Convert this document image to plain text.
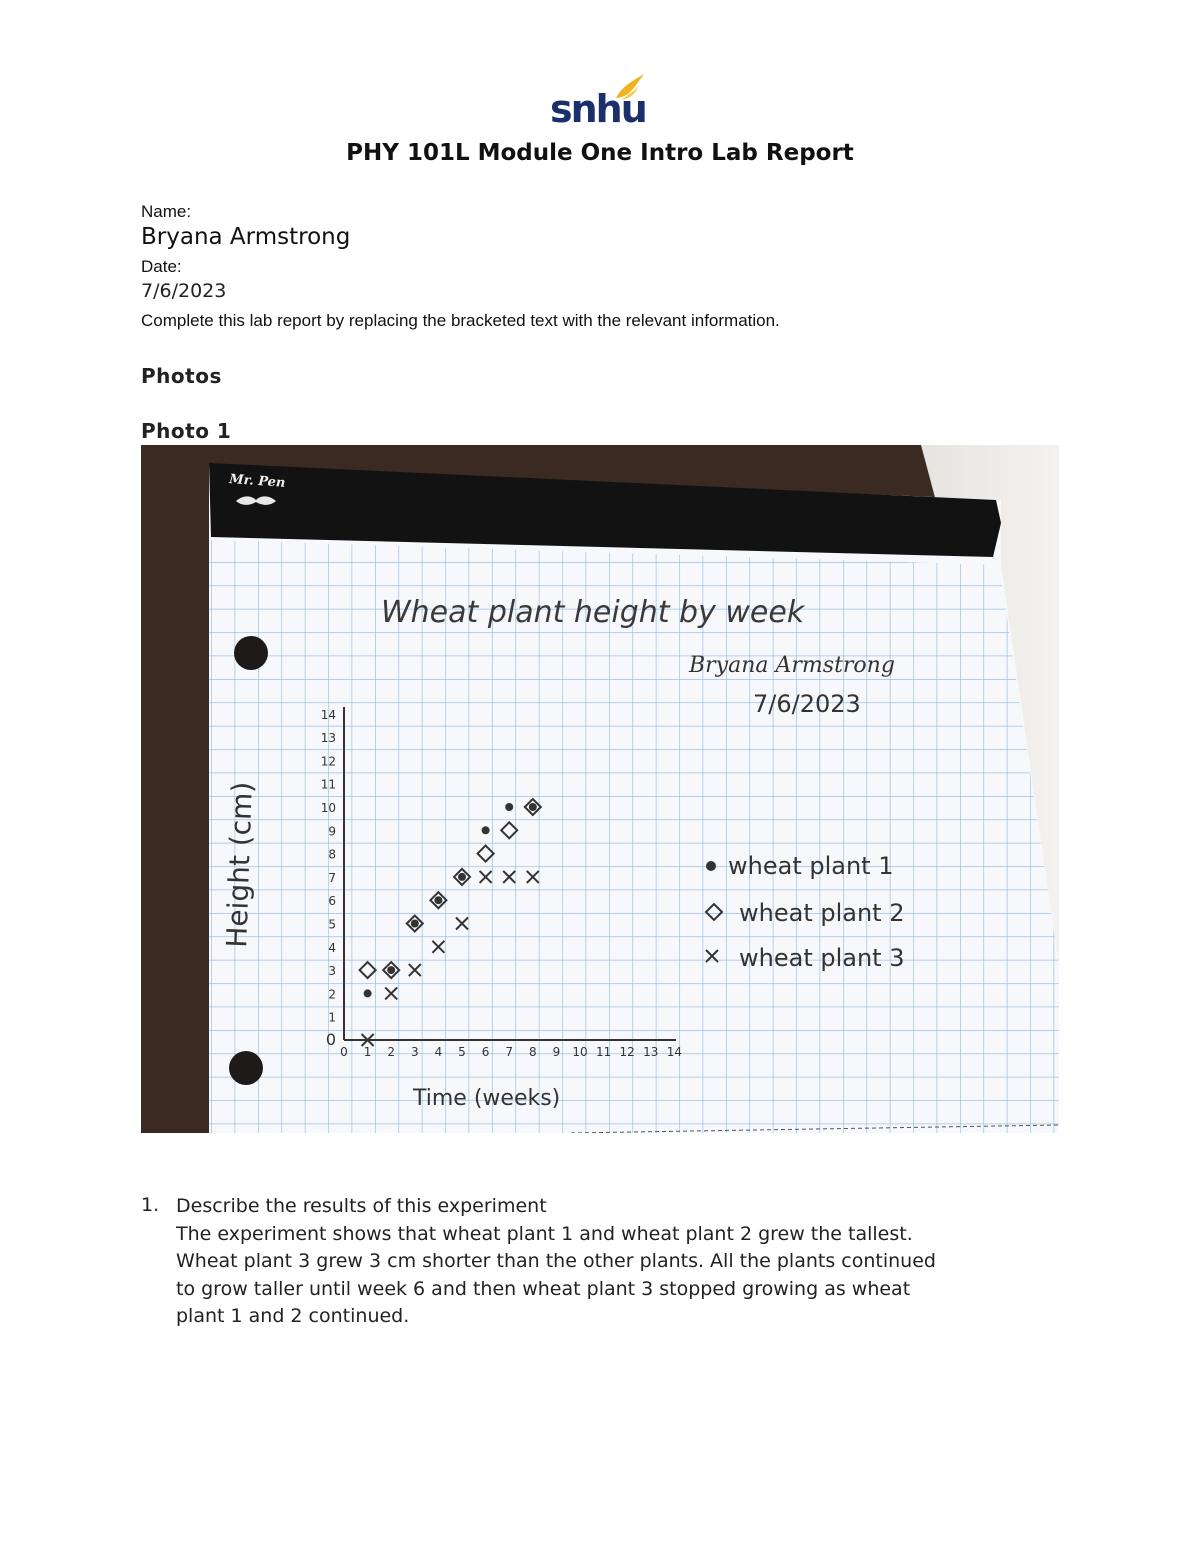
snhu
PHY 101L Module One Intro Lab Report
Name:
Bryana Armstrong
Date:
7/6/2023
Complete this lab report by replacing the bracketed text with the relevant information.
Photos
Photo 1
Mr. Pen
Wheat plant height by week
Bryana Armstrong
7/6/2023
Height (cm)
Time (weeks)
wheat plant 1
wheat plant 2
wheat plant 3
0
1
2
3
4
5
6
7
8
9
10
11
12
13
14
0 1 2 3 4 5 6 7 8 9 10 11 12 13 14
1. Describe the results of this experiment
The experiment shows that wheat plant 1 and wheat plant 2 grew the tallest.
Wheat plant 3 grew 3 cm shorter than the other plants. All the plants continued
to grow taller until week 6 and then wheat plant 3 stopped growing as wheat
plant 1 and 2 continued.
